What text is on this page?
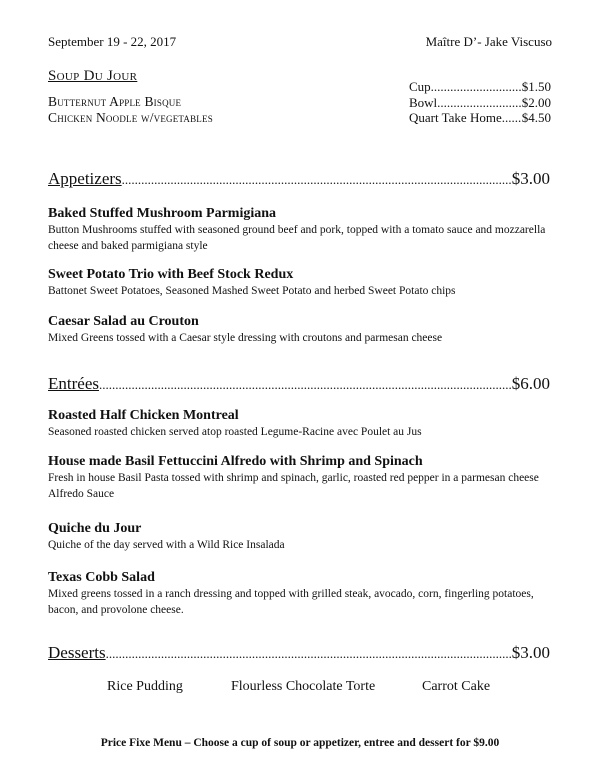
September 19 - 22, 2017	Maître D’- Jake Viscuso
Soup Du Jour
Butternut Apple Bisque
Chicken Noodle w/vegetables
Cup .....	$1.50
Bowl .....	$2.00
Quart Take Home ..... $4.50
Appetizers .....	$3.00
Baked Stuffed Mushroom Parmigiana
Button Mushrooms stuffed with seasoned ground beef and pork, topped with a tomato sauce and mozzarella cheese and baked parmigiana style
Sweet Potato Trio with Beef Stock Redux
Battonet Sweet Potatoes, Seasoned Mashed Sweet Potato and herbed Sweet Potato chips
Caesar Salad au Crouton
Mixed Greens tossed with a Caesar style dressing with croutons and parmesan cheese
Entrées .....	$6.00
Roasted Half Chicken Montreal
Seasoned roasted chicken served atop roasted Legume-Racine avec Poulet au Jus
House made Basil Fettuccini Alfredo with Shrimp and Spinach
Fresh in house Basil Pasta tossed with shrimp and spinach, garlic, roasted red pepper in a parmesan cheese Alfredo Sauce
Quiche du Jour
Quiche of the day served with a Wild Rice Insalada
Texas Cobb Salad
Mixed greens tossed in a ranch dressing and topped with grilled steak, avocado, corn, fingerling potatoes, bacon, and provolone cheese.
Desserts .....	$3.00
Rice Pudding	Flourless Chocolate Torte	Carrot Cake
Price Fixe Menu – Choose a cup of soup or appetizer, entree and dessert for $9.00
